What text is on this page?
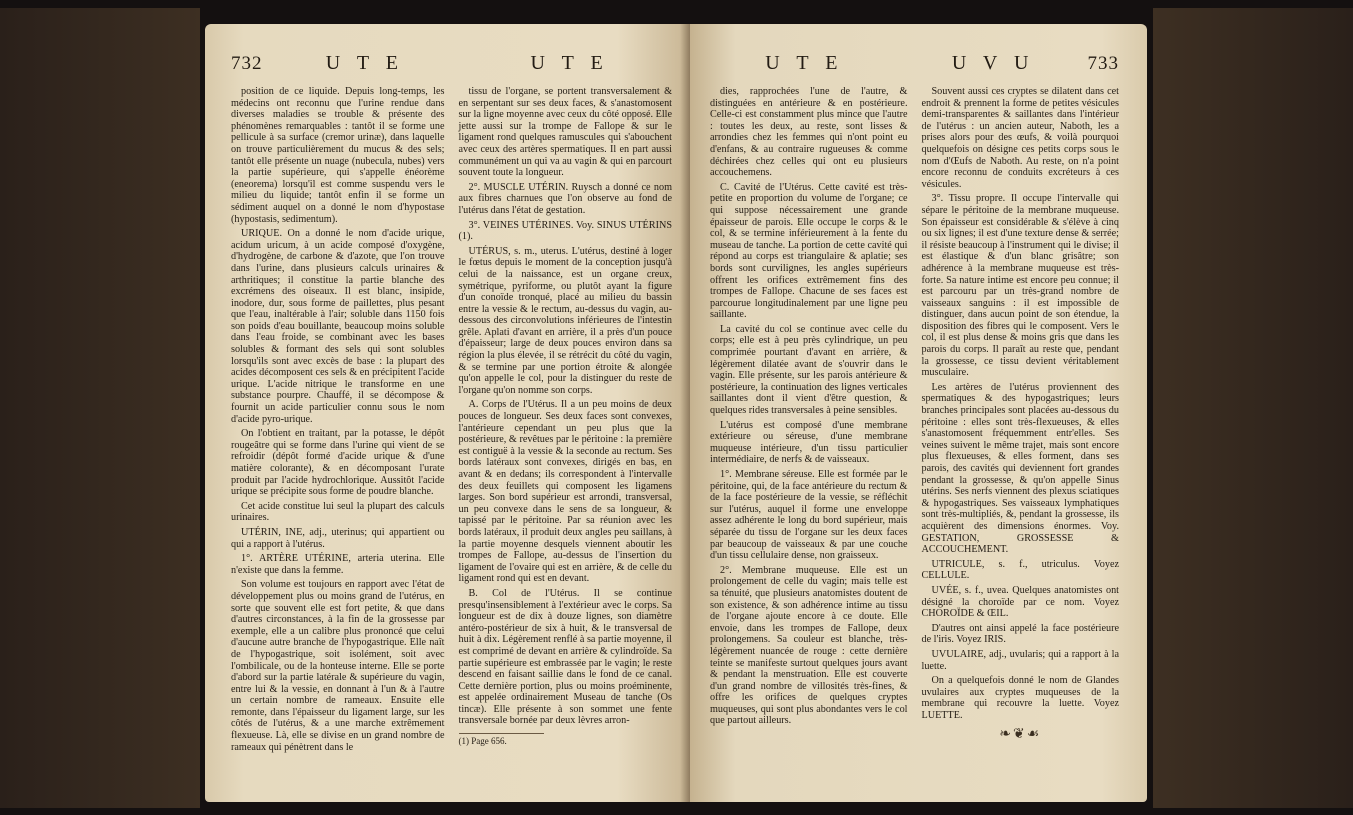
732	U T E	U T E

position de ce liquide. Depuis long-temps, les médecins ont reconnu que l'urine rendue dans diverses maladies se trouble & présente des phénomènes remarquables : tantôt il se forme une pellicule à sa surface (cremor urinæ), dans laquelle on trouve particulièrement du mucus & des sels; tantôt elle présente un nuage (nubecula, nubes) vers la partie supérieure, qui s'appelle énéorème (eneorema) lorsqu'il est comme suspendu vers le milieu du liquide; tantôt enfin il se forme un sédiment auquel on a donné le nom d'hypostase (hypostasis, sedimentum).

URIQUE. On a donné le nom d'acide urique, acidum uricum, à un acide composé d'oxygène, d'hydrogène, de carbone & d'azote, que l'on trouve dans l'urine, dans plusieurs calculs urinaires & arthritiques; il constitue la partie blanche des excrémens des oiseaux. Il est blanc, insipide, inodore, dur, sous forme de paillettes, plus pesant que l'eau, inaltérable à l'air; soluble dans 1150 fois son poids d'eau bouillante, beaucoup moins soluble dans l'eau froide, se combinant avec les bases solubles & formant des sels qui sont solubles lorsqu'ils sont avec excès de base : la plupart des acides décomposent ces sels & en précipitent l'acide urique. L'acide nitrique le transforme en une substance pourpre. Chauffé, il se décompose & fournit un acide particulier connu sous le nom d'acide pyro-urique.

On l'obtient en traitant, par la potasse, le dépôt rougeâtre qui se forme dans l'urine qui vient de se refroidir (dépôt formé d'acide urique & d'une matière colorante), & en décomposant l'urate produit par l'acide hydrochlorique. Aussitôt l'acide urique se précipite sous forme de poudre blanche.

Cet acide constitue lui seul la plupart des calculs urinaires.

UTÉRIN, INE, adj., uterinus; qui appartient ou qui a rapport à l'utérus.

1°. ARTÈRE UTÉRINE, arteria uterina. Elle n'existe que dans la femme.

Son volume est toujours en rapport avec l'état de développement plus ou moins grand de l'utérus, en sorte que souvent elle est fort petite, & que dans d'autres circonstances, à la fin de la grossesse par exemple, elle a un calibre plus prononcé que celui d'aucune autre branche de l'hypogastrique. Elle naît de l'hypogastrique, soit isolément, soit avec l'ombilicale, ou de la honteuse interne. Elle se porte d'abord sur la partie latérale & supérieure du vagin, entre lui & la vessie, en donnant à l'un & à l'autre un certain nombre de rameaux. Ensuite elle remonte, dans l'épaisseur du ligament large, sur les côtés de l'utérus, & a une marche extrêmement flexueuse. Là, elle se divise en un grand nombre de rameaux qui pénètrent dans le

tissu de l'organe, se portent transversalement & en serpentant sur ses deux faces, & s'anastomosent sur la ligne moyenne avec ceux du côté opposé. Elle jette aussi sur la trompe de Fallope & sur le ligament rond quelques ramuscules qui s'abouchent avec ceux des artères spermatiques. Il en part aussi communément un qui va au vagin & qui en parcourt souvent toute la longueur.

2°. MUSCLE UTÉRIN. Ruysch a donné ce nom aux fibres charnues que l'on observe au fond de l'utérus dans l'état de gestation.

3°. VEINES UTÉRINES. Voy. SINUS UTÉRINS (1).

UTÉRUS, s. m., uterus. L'utérus, destiné à loger le fœtus depuis le moment de la conception jusqu'à celui de la naissance, est un organe creux, symétrique, pyriforme, ou plutôt ayant la figure d'un conoïde tronqué, placé au milieu du bassin entre la vessie & le rectum, au-dessus du vagin, au-dessous des circonvolutions inférieures de l'intestin grêle. Aplati d'avant en arrière, il a près d'un pouce d'épaisseur; large de deux pouces environ dans sa région la plus élevée, il se rétrécit du côté du vagin, & se termine par une portion étroite & alongée qu'on appelle le col, pour la distinguer du reste de l'organe qu'on nomme son corps.

A. Corps de l'Utérus. Il a un peu moins de deux pouces de longueur. Ses deux faces sont convexes, l'antérieure cependant un peu plus que la postérieure, & revêtues par le péritoine : la première est contiguë à la vessie & la seconde au rectum. Ses bords latéraux sont convexes, dirigés en bas, en avant & en dedans; ils correspondent à l'intervalle des deux feuillets qui composent les ligamens larges. Son bord supérieur est arrondi, transversal, un peu convexe dans le sens de sa longueur, & tapissé par le péritoine. Par sa réunion avec les bords latéraux, il produit deux angles peu saillans, à la partie moyenne desquels viennent aboutir les trompes de Fallope, au-dessus de l'insertion du ligament de l'ovaire qui est en arrière, & de celle du ligament rond qui est en devant.

B. Col de l'Utérus. Il se continue presqu'insensiblement à l'extérieur avec le corps. Sa longueur est de dix à douze lignes, son diamètre antéro-postérieur de six à huit, & le transversal de huit à dix. Légèrement renflé à sa partie moyenne, il est comprimé de devant en arrière & cylindroïde. Sa partie supérieure est embrassée par le vagin; le reste descend en faisant saillie dans le fond de ce canal. Cette dernière portion, plus ou moins proéminente, est appelée ordinairement Museau de tanche (Os tincæ). Elle présente à son sommet une fente transversale bornée par deux lèvres arron-

(1) Page 656.
U T E	U V U	733

dies, rapprochées l'une de l'autre, & distinguées en antérieure & en postérieure. Celle-ci est constamment plus mince que l'autre : toutes les deux, au reste, sont lisses & arrondies chez les femmes qui n'ont point eu d'enfans, & au contraire rugueuses & comme déchirées chez celles qui ont eu plusieurs accouchemens.

C. Cavité de l'Utérus. Cette cavité est très-petite en proportion du volume de l'organe; ce qui suppose nécessairement une grande épaisseur de parois. Elle occupe le corps & le col, & se termine inférieurement à la fente du museau de tanche. La portion de cette cavité qui répond au corps est triangulaire & aplatie; ses bords sont curvilignes, les angles supérieurs offrent les orifices extrêmement fins des trompes de Fallope. Chacune de ses faces est parcourue longitudinalement par une ligne peu saillante.

La cavité du col se continue avec celle du corps; elle est à peu près cylindrique, un peu comprimée pourtant d'avant en arrière, & légèrement dilatée avant de s'ouvrir dans le vagin. Elle présente, sur les parois antérieure & postérieure, la continuation des lignes verticales saillantes dont il vient d'être question, & quelques rides transversales à peine sensibles.

L'utérus est composé d'une membrane extérieure ou séreuse, d'une membrane muqueuse intérieure, d'un tissu particulier intermédiaire, de nerfs & de vaisseaux.

1°. Membrane séreuse. Elle est formée par le péritoine, qui, de la face antérieure du rectum & de la face postérieure de la vessie, se réfléchit sur l'utérus, auquel il forme une enveloppe assez adhérente le long du bord supérieur, mais séparée du tissu de l'organe sur les deux faces par beaucoup de vaisseaux & par une couche d'un tissu cellulaire dense, non graisseux.

2°. Membrane muqueuse. Elle est un prolongement de celle du vagin; mais telle est sa ténuité, que plusieurs anatomistes doutent de son existence, & son adhérence intime au tissu de l'organe ajoute encore à ce doute. Elle envoie, dans les trompes de Fallope, deux prolongemens. Sa couleur est blanche, très-légèrement nuancée de rouge : cette dernière teinte se manifeste surtout quelques jours avant & pendant la menstruation. Elle est couverte d'un grand nombre de villosités très-fines, & offre les orifices de quelques cryptes muqueuses, qui sont plus abondantes vers le col que partout ailleurs.

Souvent aussi ces cryptes se dilatent dans cet endroit & prennent la forme de petites vésicules demi-transparentes & saillantes dans l'intérieur de l'utérus : un ancien auteur, Naboth, les a prises alors pour des œufs, & voilà pourquoi quelquefois on désigne ces petits corps sous le nom d'Œufs de Naboth. Au reste, on n'a point encore reconnu de conduits excréteurs à ces vésicules.

3°. Tissu propre. Il occupe l'intervalle qui sépare le péritoine de la membrane muqueuse. Son épaisseur est considérable & s'élève à cinq ou six lignes; il est d'une texture dense & serrée; il résiste beaucoup à l'instrument qui le divise; il est élastique & d'un blanc grisâtre; son adhérence à la membrane muqueuse est très-forte. Sa nature intime est encore peu connue; il est parcouru par un très-grand nombre de vaisseaux sanguins : il est impossible de distinguer, dans aucun point de son étendue, la disposition des fibres qui le composent. Vers le col, il est plus dense & moins gris que dans les parois du corps. Il paraît au reste que, pendant la grossesse, ce tissu devient véritablement musculaire.

Les artères de l'utérus proviennent des spermatiques & des hypogastriques; leurs branches principales sont placées au-dessous du péritoine : elles sont très-flexueuses, & elles s'anastomosent fréquemment entr'elles. Ses veines suivent le même trajet, mais sont encore plus flexueuses, & elles forment, dans ses parois, des cavités qui deviennent fort grandes pendant la grossesse, & qu'on appelle Sinus utérins. Ses nerfs viennent des plexus sciatiques & hypogastriques. Ses vaisseaux lymphatiques sont très-multipliés, &, pendant la grossesse, ils acquièrent des dimensions énormes. Voy. GESTATION, GROSSESSE & ACCOUCHEMENT.

UTRICULE, s. f., utriculus. Voyez CELLULE.

UVÉE, s. f., uvea. Quelques anatomistes ont désigné la choroïde par ce nom. Voyez CHOROÏDE & ŒIL.

D'autres ont ainsi appelé la face postérieure de l'iris. Voyez IRIS.

UVULAIRE, adj., uvularis; qui a rapport à la luette.

On a quelquefois donné le nom de Glandes uvulaires aux cryptes muqueuses de la membrane qui recouvre la luette. Voyez LUETTE.

❧❦☙
